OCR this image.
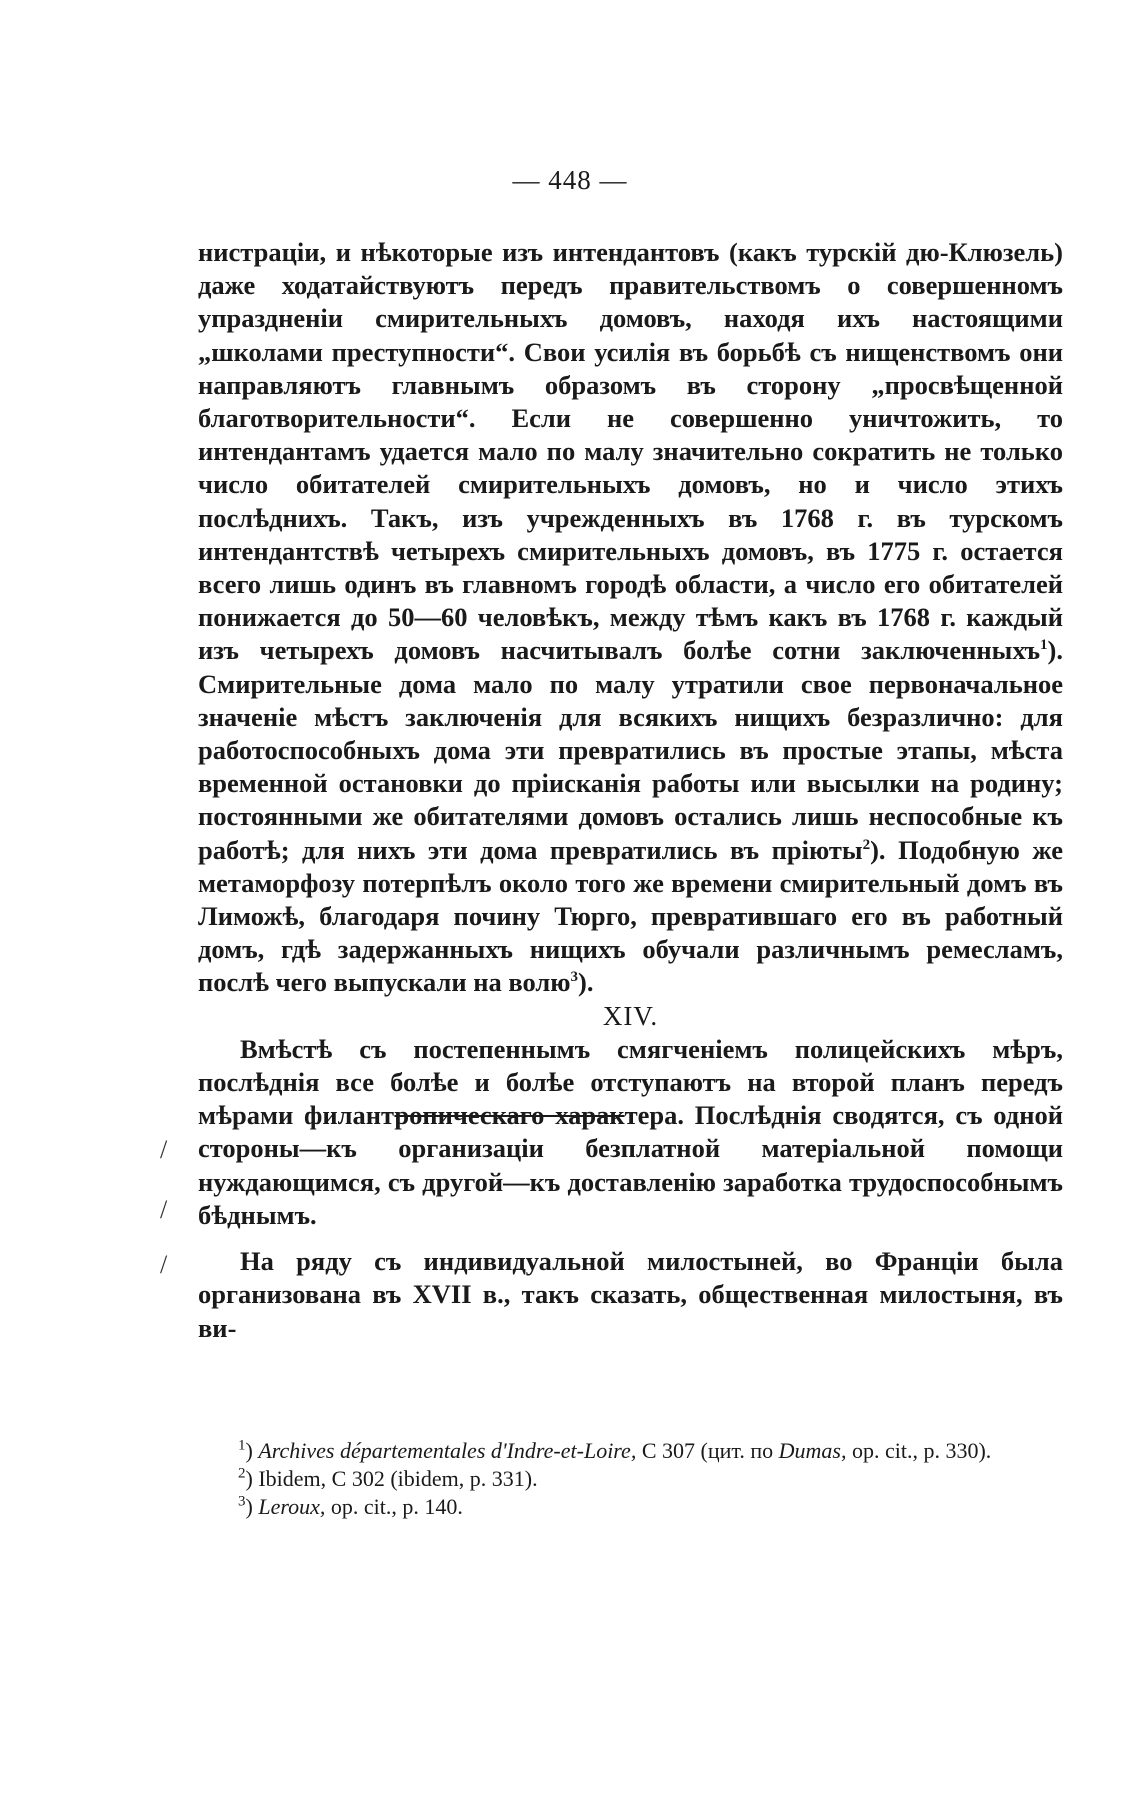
— 448 —

нистраціи, и нѣкоторые изъ интендантовъ (какъ турскій дю-Клюзель) даже ходатайствуютъ передъ правительствомъ о совершенномъ упраздненіи смирительныхъ домовъ, находя ихъ настоящими „школами преступности“. Свои усилія въ борьбѣ съ нищенствомъ они направляютъ главнымъ образомъ въ сторону „просвѣщенной благотворительности“. Если не совершенно уничтожить, то интендантамъ удается мало по малу значительно сократить не только число обитателей смирительныхъ домовъ, но и число этихъ послѣднихъ. Такъ, изъ учрежденныхъ въ 1768 г. въ турскомъ интендантствѣ четырехъ смирительныхъ домовъ, въ 1775 г. остается всего лишь одинъ въ главномъ городѣ области, а число его обитателей понижается до 50—60 человѣкъ, между тѣмъ какъ въ 1768 г. каждый изъ четырехъ домовъ насчитывалъ болѣе сотни заключенныхъ$^1$). Смирительные дома мало по малу утратили свое первоначальное значеніе мѣстъ заключенія для всякихъ нищихъ безразлично: для работоспособныхъ дома эти превратились въ простые этапы, мѣста временной остановки до пріисканія работы или высылки на родину; постоянными же обитателями домовъ остались лишь неспособные къ работѣ; для нихъ эти дома превратились въ пріюты$^2$). Подобную же метаморфозу потерпѣлъ около того же времени смирительный домъ въ Лиможѣ, благодаря почину Тюрго, превратившаго его въ работный домъ, гдѣ задержанныхъ нищихъ обучали различнымъ ремесламъ, послѣ чего выпускали на волю$^3$).

XIV.

Вмѣстѣ съ постепеннымъ смягченіемъ полицейскихъ мѣръ, послѣднія все болѣе и болѣе отступаютъ на второй планъ передъ мѣрами филантропическаго характера. Послѣднія сводятся, съ одной стороны—къ организаціи безплатной матеріальной помощи нуждающимся, съ другой—къ доставленію заработка трудоспособнымъ бѣднымъ.

На ряду съ индивидуальной милостыней, во Франціи была организована въ XVII в., такъ сказать, общественная милостыня, въ ви-

/
/
/

$^1$) Archives départementales d'Indre-et-Loire, C 307 (цит. по Dumas, op. cit., p. 330).

$^2$) Ibidem, C 302 (ibidem, p. 331).

$^3$) Leroux, op. cit., p. 140.
